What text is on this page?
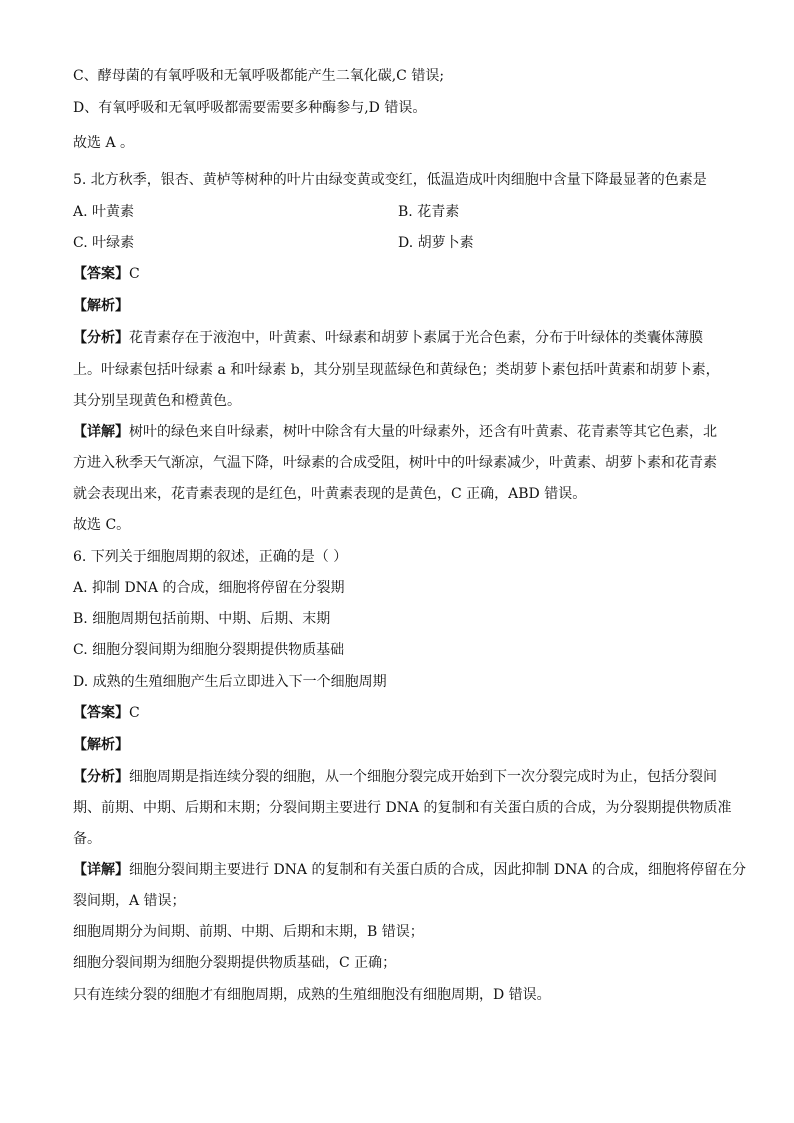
C、酵母菌的有氧呼吸和无氧呼吸都能产生二氧化碳,C 错误;
D、有氧呼吸和无氧呼吸都需要需要多种酶参与,D 错误。
故选 A 。
5. 北方秋季，银杏、黄栌等树种的叶片由绿变黄或变红，低温造成叶肉细胞中含量下降最显著的色素是
A. 叶黄素	B. 花青素
C. 叶绿素	D. 胡萝卜素
【答案】C
【解析】
【分析】花青素存在于液泡中，叶黄素、叶绿素和胡萝卜素属于光合色素，分布于叶绿体的类囊体薄膜
上。叶绿素包括叶绿素 a 和叶绿素 b，其分别呈现蓝绿色和黄绿色；类胡萝卜素包括叶黄素和胡萝卜素，
其分别呈现黄色和橙黄色。
【详解】树叶的绿色来自叶绿素，树叶中除含有大量的叶绿素外，还含有叶黄素、花青素等其它色素，北
方进入秋季天气渐凉，气温下降，叶绿素的合成受阻，树叶中的叶绿素减少，叶黄素、胡萝卜素和花青素
就会表现出来，花青素表现的是红色，叶黄素表现的是黄色，C 正确，ABD 错误。
故选 C。
6. 下列关于细胞周期的叙述，正确的是（ ）
A. 抑制 DNA 的合成，细胞将停留在分裂期
B. 细胞周期包括前期、中期、后期、末期
C. 细胞分裂间期为细胞分裂期提供物质基础
D. 成熟的生殖细胞产生后立即进入下一个细胞周期
【答案】C
【解析】
【分析】细胞周期是指连续分裂的细胞，从一个细胞分裂完成开始到下一次分裂完成时为止，包括分裂间
期、前期、中期、后期和末期；分裂间期主要进行 DNA 的复制和有关蛋白质的合成，为分裂期提供物质准
备。
【详解】细胞分裂间期主要进行 DNA 的复制和有关蛋白质的合成，因此抑制 DNA 的合成，细胞将停留在分
裂间期，A 错误；
细胞周期分为间期、前期、中期、后期和末期，B 错误；
细胞分裂间期为细胞分裂期提供物质基础，C 正确；
只有连续分裂的细胞才有细胞周期，成熟的生殖细胞没有细胞周期，D 错误。
